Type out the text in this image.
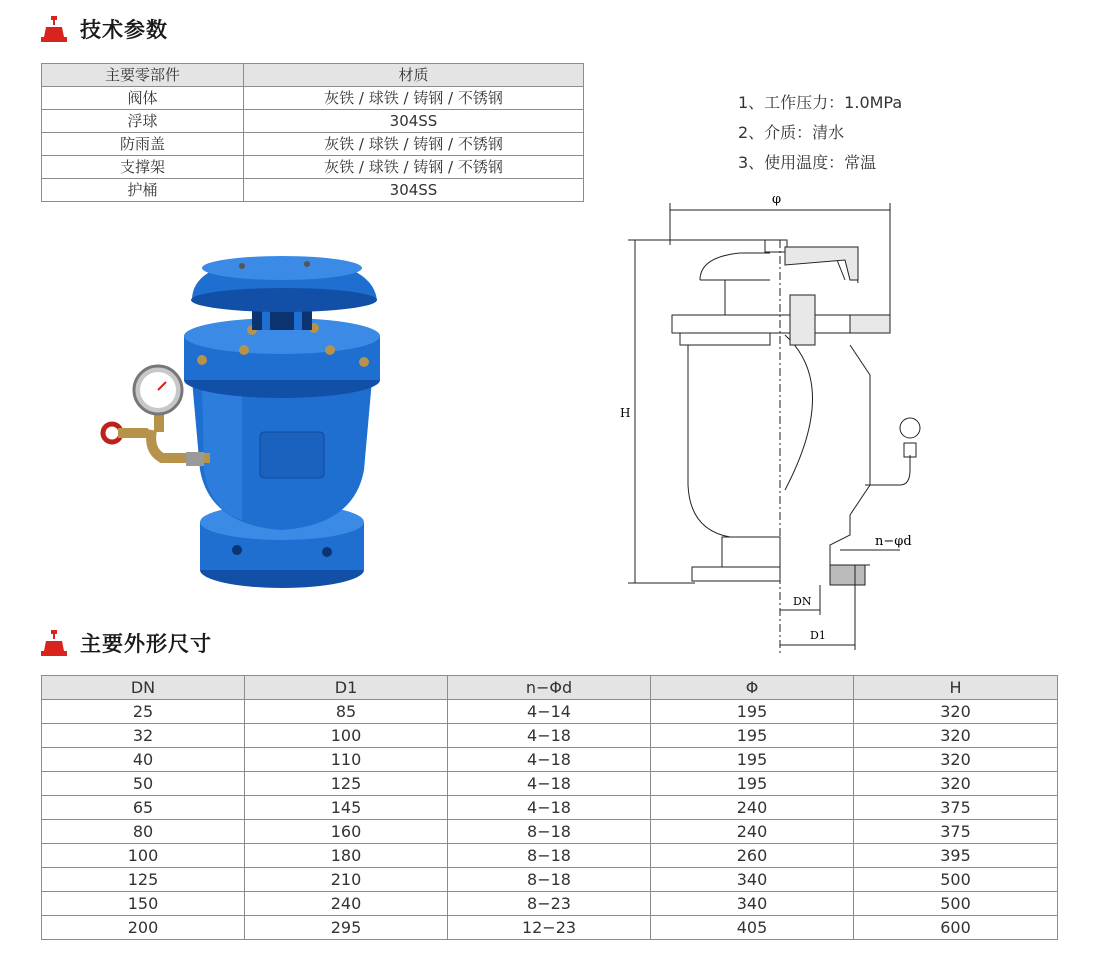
技术参数
主要零部件	材质
阀体	灰铁 / 球铁 / 铸钢 / 不锈钢
浮球	304SS
防雨盖	灰铁 / 球铁 / 铸钢 / 不锈钢
支撑架	灰铁 / 球铁 / 铸钢 / 不锈钢
护桶	304SS
1、工作压力：1.0MPa
2、介质：清水
3、使用温度：常温
φ
H
n−φd
DN
D1
主要外形尺寸
DN	D1	n−Φd	Φ	H
25	85	4−14	195	320
32	100	4−18	195	320
40	110	4−18	195	320
50	125	4−18	195	320
65	145	4−18	240	375
80	160	8−18	240	375
100	180	8−18	260	395
125	210	8−18	340	500
150	240	8−23	340	500
200	295	12−23	405	600
